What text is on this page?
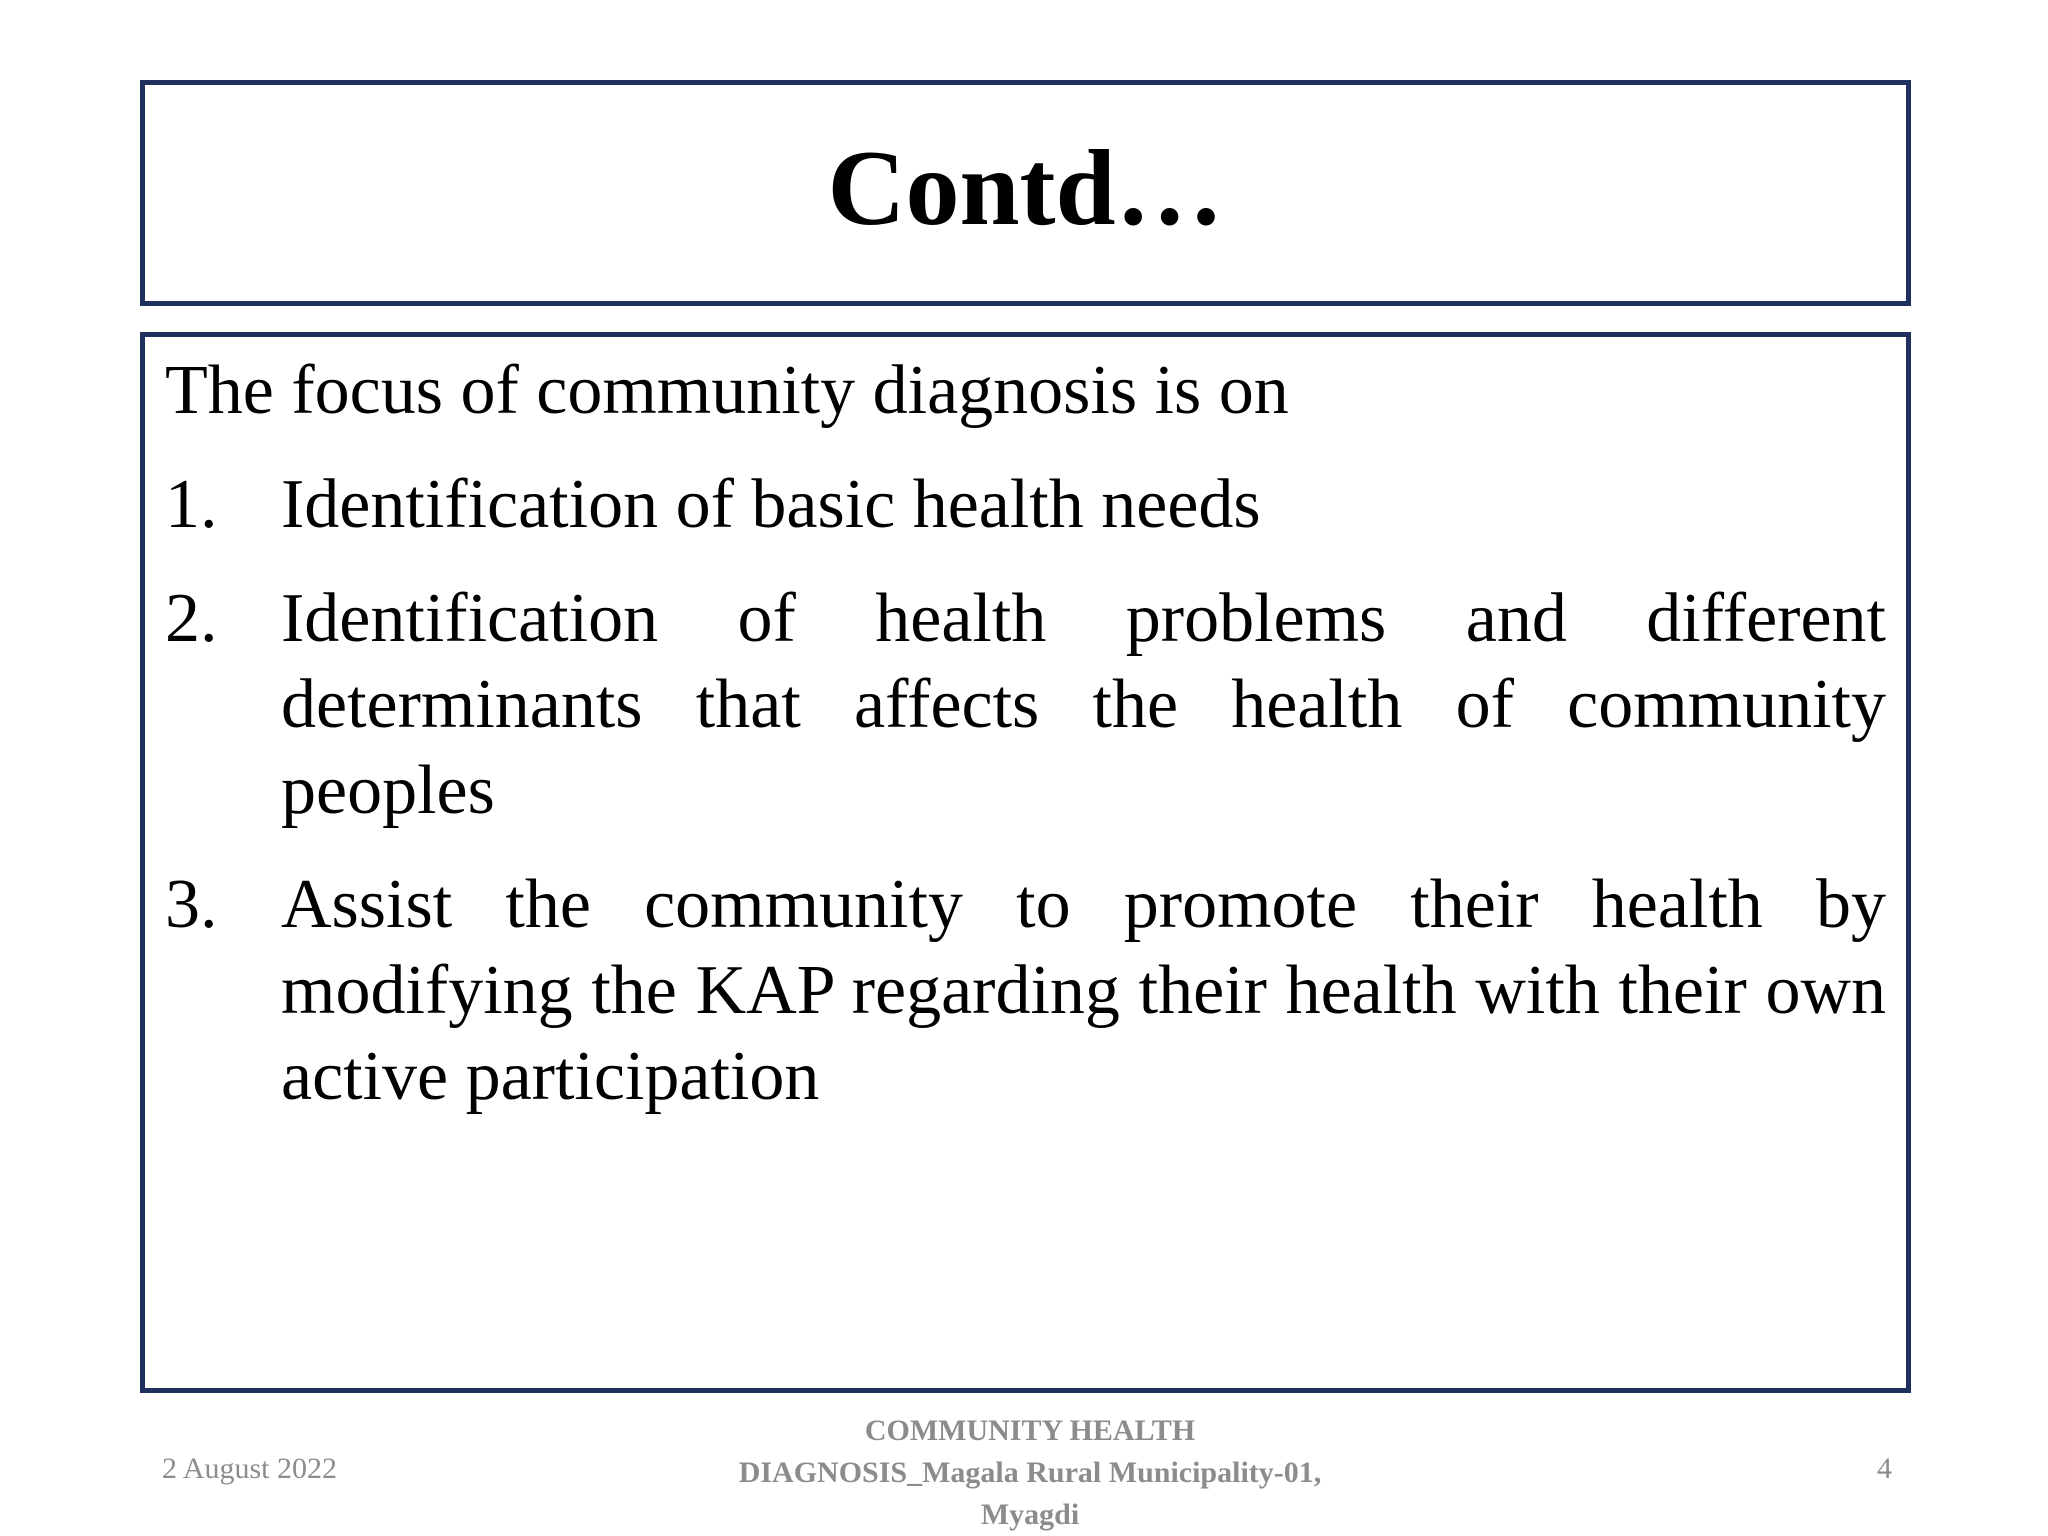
Contd…

The focus of community diagnosis is on

1. Identification of basic health needs
2. Identification of health problems and different determinants that affects the health of community peoples
3. Assist the community to promote their health by modifying the KAP regarding their health with their own active participation
2 August 2022
COMMUNITY HEALTH
DIAGNOSIS_Magala Rural Municipality-01,
Myagdi
4
